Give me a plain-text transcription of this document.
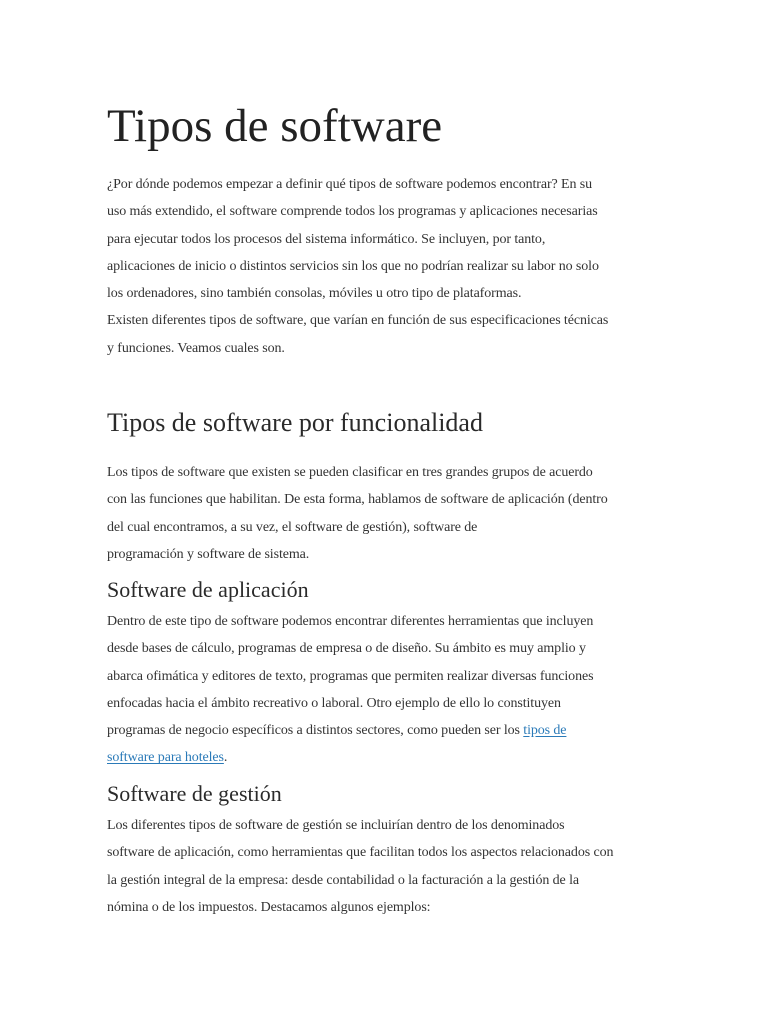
Tipos de software
¿Por dónde podemos empezar a definir qué tipos de software podemos encontrar? En su
uso más extendido, el software comprende todos los programas y aplicaciones necesarias
para ejecutar todos los procesos del sistema informático. Se incluyen, por tanto,
aplicaciones de inicio o distintos servicios sin los que no podrían realizar su labor no solo
los ordenadores, sino también consolas, móviles u otro tipo de plataformas.
Existen diferentes tipos de software, que varían en función de sus especificaciones técnicas
y funciones. Veamos cuales son.
Tipos de software por funcionalidad
Los tipos de software que existen se pueden clasificar en tres grandes grupos de acuerdo
con las funciones que habilitan. De esta forma, hablamos de software de aplicación (dentro
del cual encontramos, a su vez, el software de gestión), software de
programación y software de sistema.
Software de aplicación
Dentro de este tipo de software podemos encontrar diferentes herramientas que incluyen
desde bases de cálculo, programas de empresa o de diseño. Su ámbito es muy amplio y
abarca ofimática y editores de texto, programas que permiten realizar diversas funciones
enfocadas hacia el ámbito recreativo o laboral. Otro ejemplo de ello lo constituyen
programas de negocio específicos a distintos sectores, como pueden ser los tipos de
software para hoteles.
Software de gestión
Los diferentes tipos de software de gestión se incluirían dentro de los denominados
software de aplicación, como herramientas que facilitan todos los aspectos relacionados con
la gestión integral de la empresa: desde contabilidad o la facturación a la gestión de la
nómina o de los impuestos. Destacamos algunos ejemplos:
